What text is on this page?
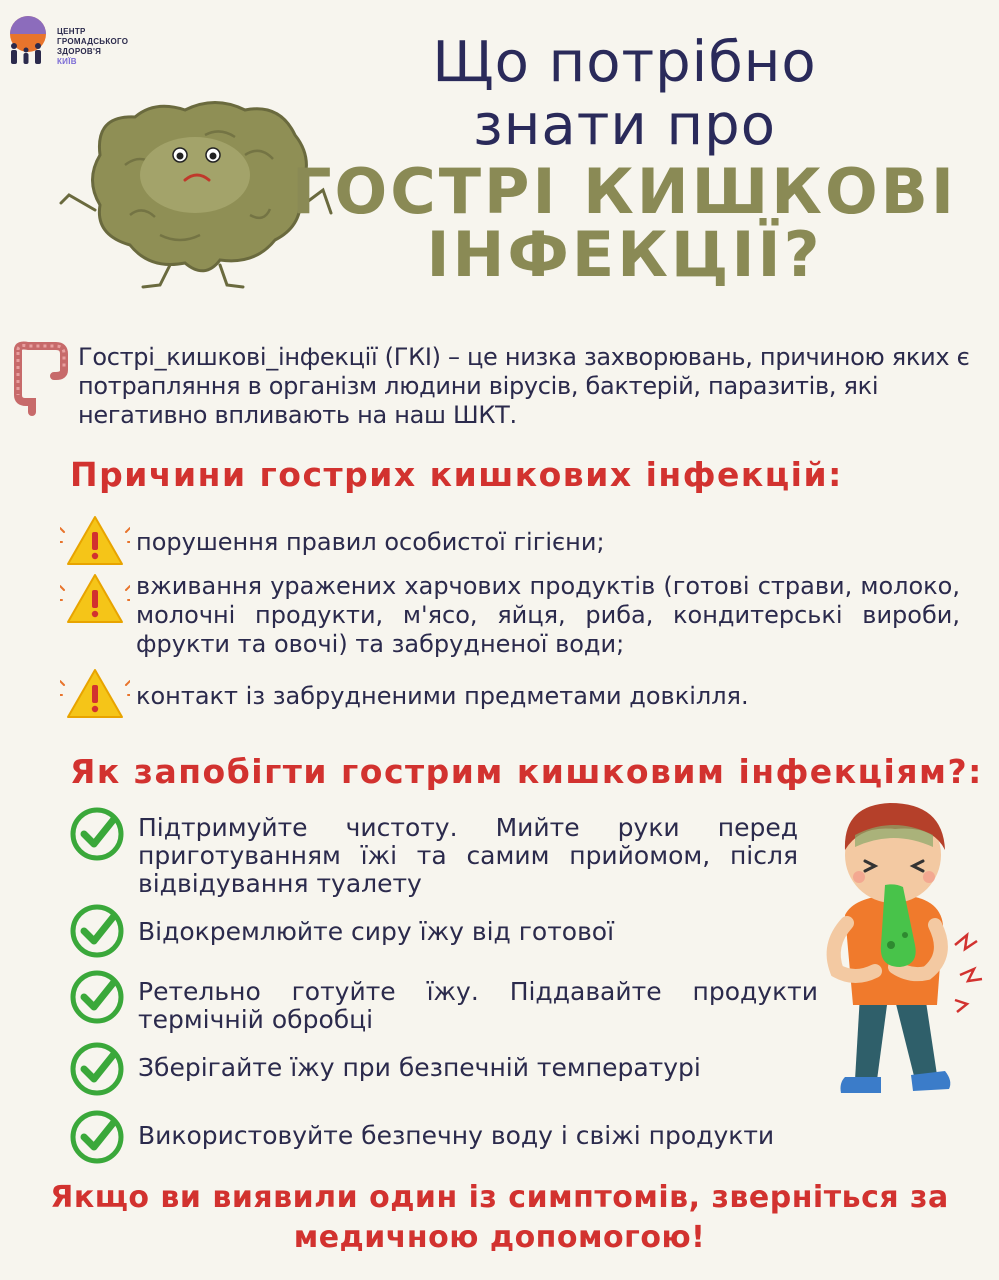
ЦЕНТР
ГРОМАДСЬКОГО
ЗДОРОВ'Я
КИЇВ	Що потрібно
знати про
ГОСТРІ КИШКОВІ
ІНФЕКЦІЇ?
Гострі_кишкові_інфекції (ГКІ) – це низка захворювань, причиною яких є потрапляння в організм людини вірусів, бактерій, паразитів, які негативно впливають на наш ШКТ.
Причини гострих кишкових інфекцій:
порушення правил особистої гігієни;
вживання уражених харчових продуктів (готові страви, молоко, молочні продукти, м'ясо, яйця, риба, кондитерські вироби, фрукти та овочі) та забрудненої води;
контакт із забрудненими предметами довкілля.
Як запобігти гострим кишковим інфекціям?:
Підтримуйте чистоту. Мийте руки перед приготуванням їжі та самим прийомом, після відвідування туалету
Відокремлюйте сиру їжу від готової
Ретельно готуйте їжу. Піддавайте продукти термічній обробці
Зберігайте їжу при безпечній температурі
Використовуйте безпечну воду і свіжі продукти
Якщо ви виявили один із симптомів, зверніться за
медичною допомогою!
